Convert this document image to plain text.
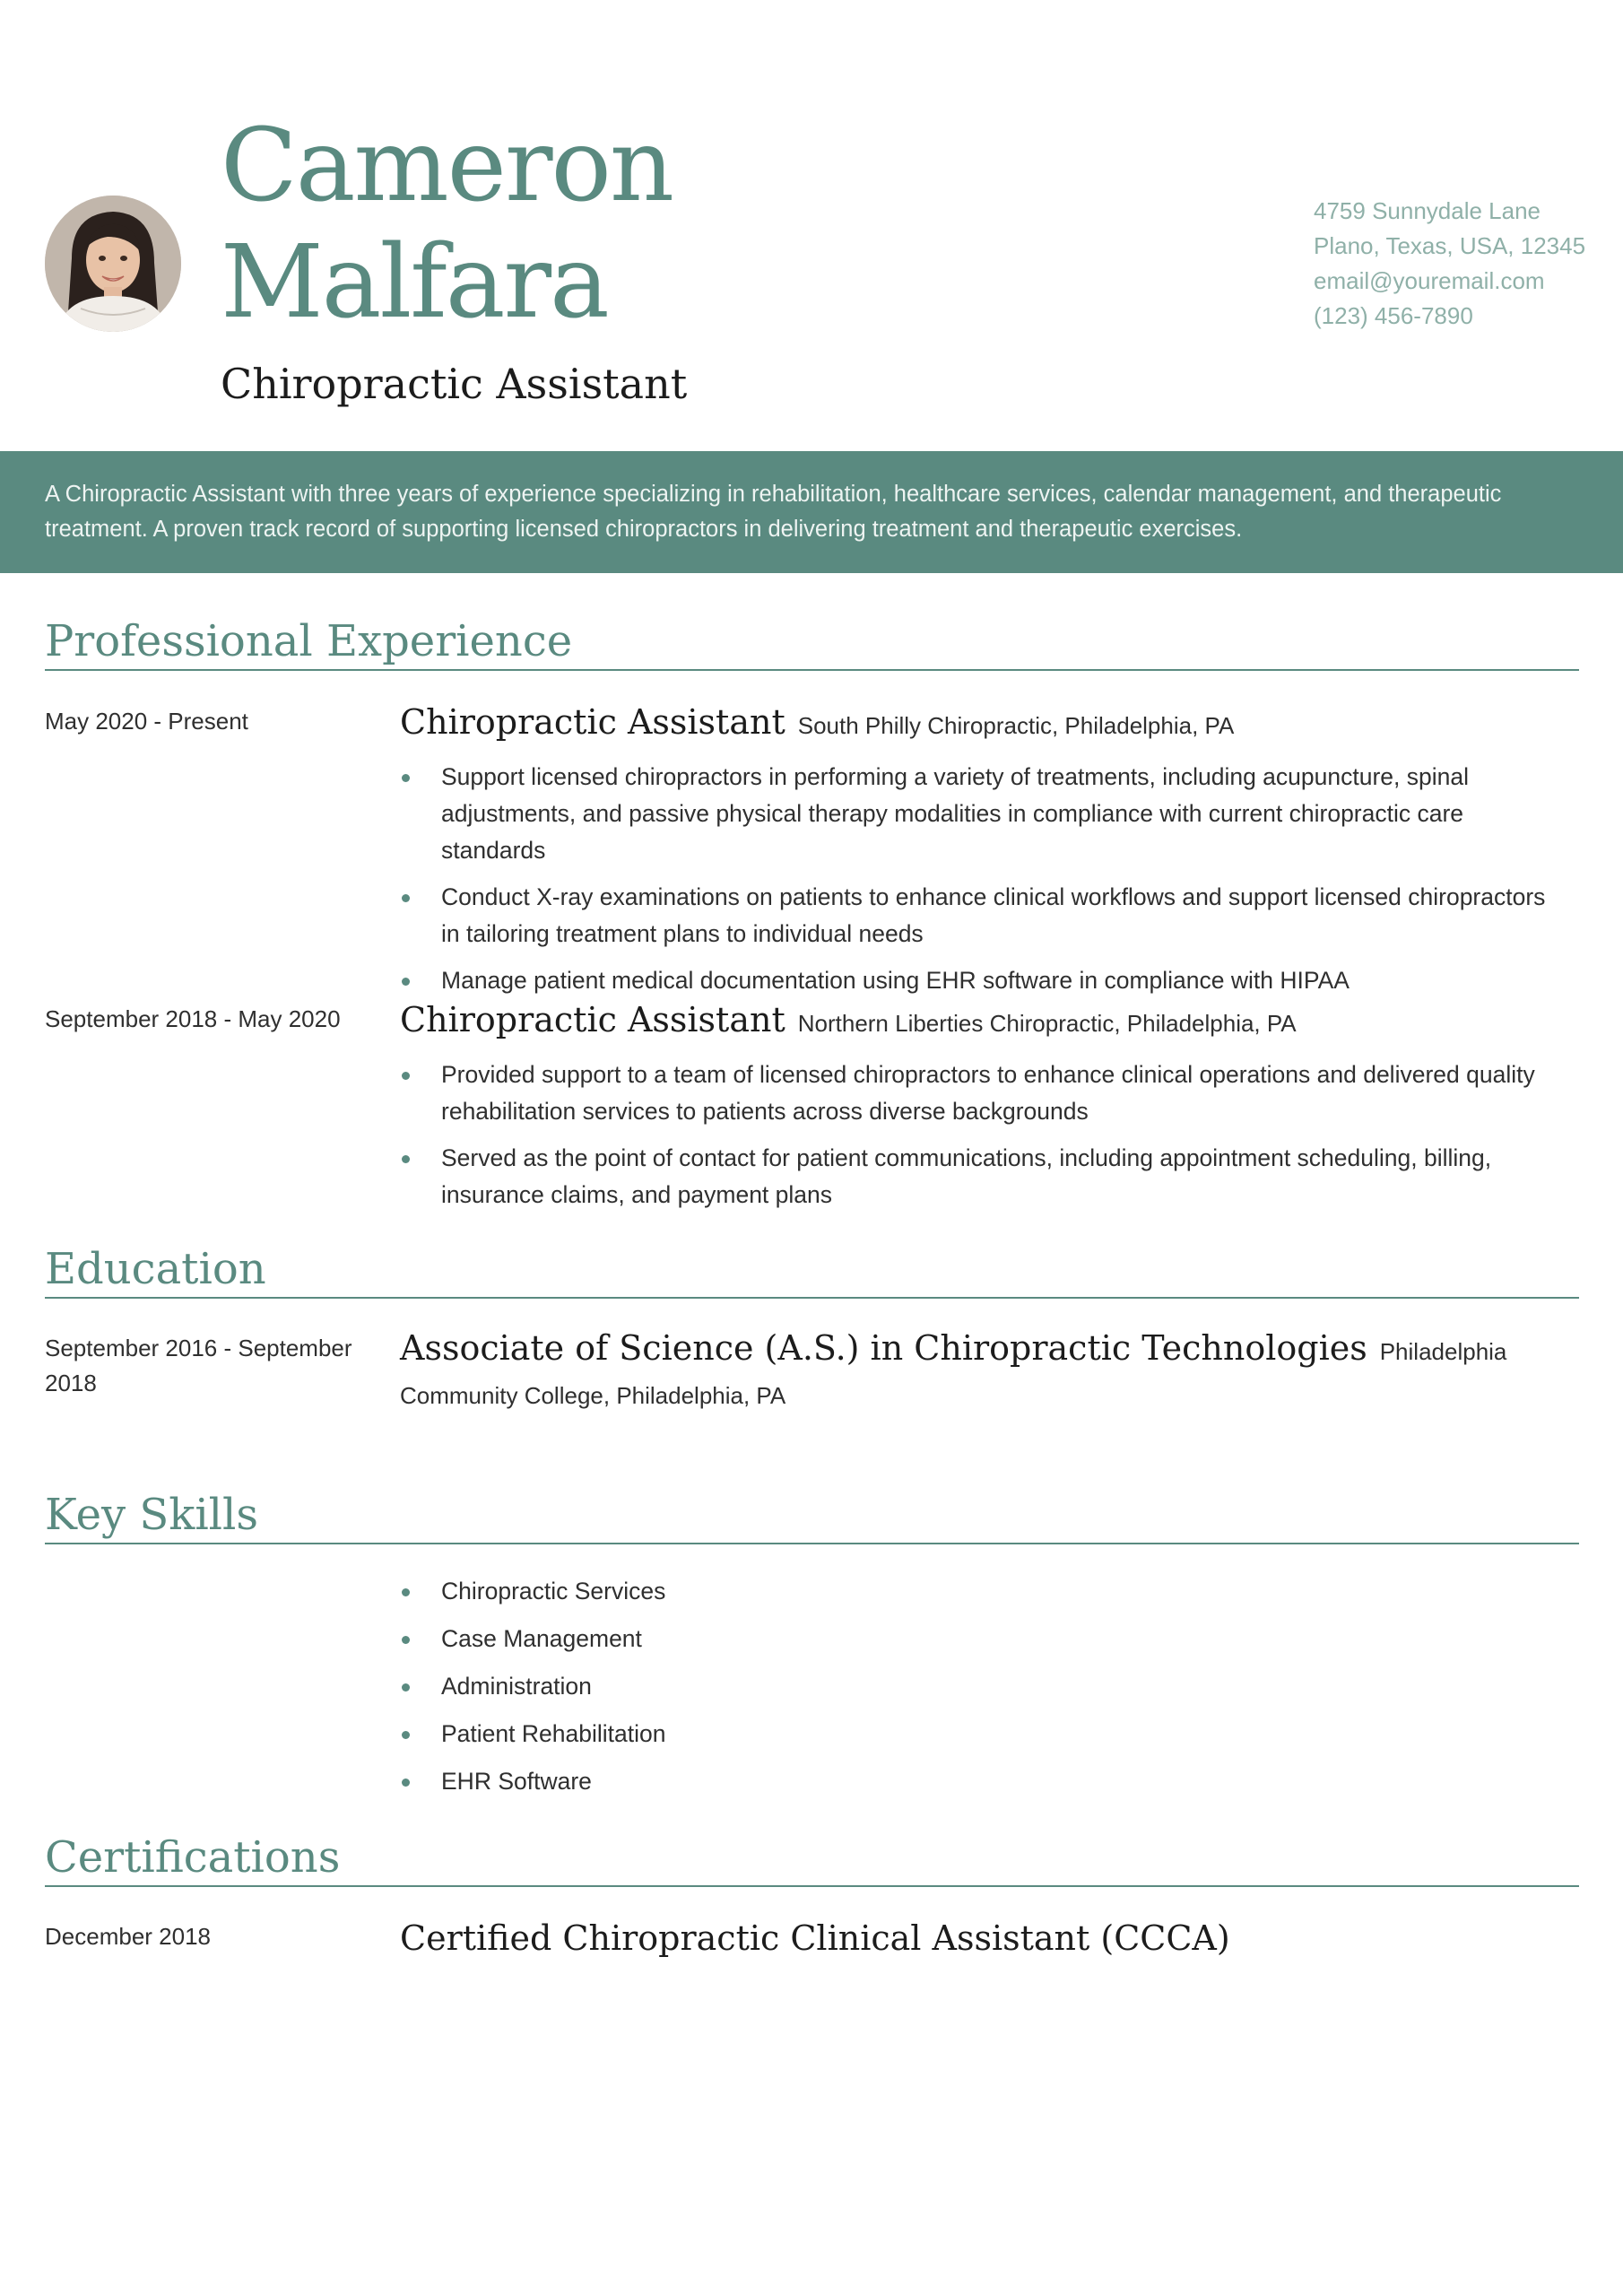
Cameron
Malfara
Chiropractic Assistant
4759 Sunnydale Lane
Plano, Texas, USA, 12345
email@youremail.com
(123) 456-7890

A Chiropractic Assistant with three years of experience specializing in rehabilitation, healthcare services, calendar management, and therapeutic treatment. A proven track record of supporting licensed chiropractors in delivering treatment and therapeutic exercises.

Professional Experience
May 2020 - Present	Chiropractic Assistant South Philly Chiropractic, Philadelphia, PA
Support licensed chiropractors in performing a variety of treatments, including acupuncture, spinal adjustments, and passive physical therapy modalities in compliance with current chiropractic care standards
Conduct X-ray examinations on patients to enhance clinical workflows and support licensed chiropractors in tailoring treatment plans to individual needs
Manage patient medical documentation using EHR software in compliance with HIPAA
September 2018 - May 2020 Chiropractic Assistant Northern Liberties Chiropractic, Philadelphia, PA
Provided support to a team of licensed chiropractors to enhance clinical operations and delivered quality rehabilitation services to patients across diverse backgrounds
Served as the point of contact for patient communications, including appointment scheduling, billing, insurance claims, and payment plans
Education
September 2016 - September 2018
Associate of Science (A.S.) in Chiropractic Technologies Philadelphia Community College, Philadelphia, PA
Key Skills
Chiropractic Services
Case Management
Administration
Patient Rehabilitation
EHR Software
Certifications
December 2018	Certified Chiropractic Clinical Assistant (CCCA)
